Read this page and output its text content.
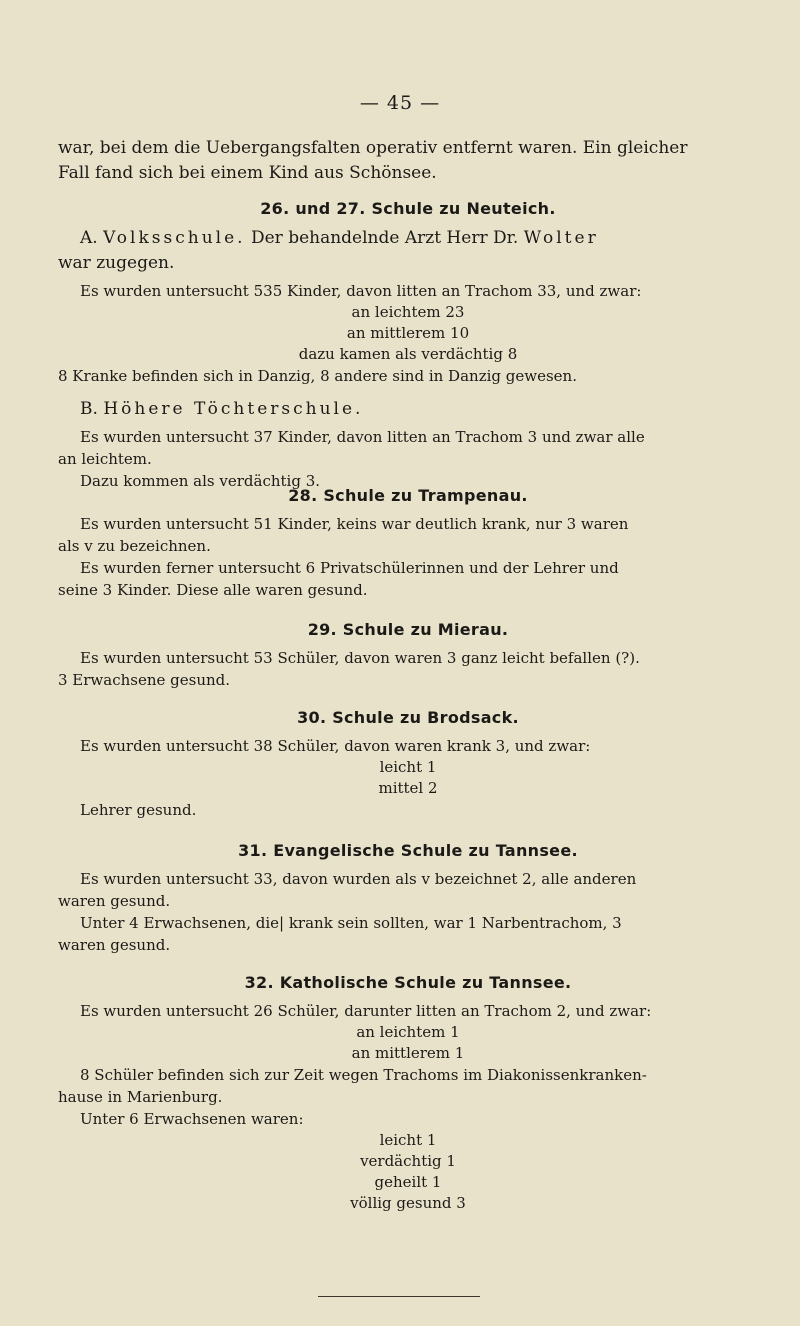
— 45 —

war, bei dem die Uebergangsfalten operativ entfernt waren. Ein gleicher

Fall fand sich bei einem Kind aus Schönsee.

26. und 27. Schule zu Neuteich.

A. Volksschule. Der behandelnde Arzt Herr Dr. Wolter

war zugegen.

Es wurden untersucht 535 Kinder, davon litten an Trachom 33, und zwar:

an leichtem 23
an mittlerem 10
dazu kamen als verdächtig 8

8 Kranke befinden sich in Danzig, 8 andere sind in Danzig gewesen.

B. Höhere Töchterschule.

Es wurden untersucht 37 Kinder, davon litten an Trachom 3 und zwar alle

an leichtem.

Dazu kommen als verdächtig 3.

28. Schule zu Trampenau.

Es wurden untersucht 51 Kinder, keins war deutlich krank, nur 3 waren

als v zu bezeichnen.

Es wurden ferner untersucht 6 Privatschülerinnen und der Lehrer und

seine 3 Kinder. Diese alle waren gesund.

29. Schule zu Mierau.

Es wurden untersucht 53 Schüler, davon waren 3 ganz leicht befallen (?).

3 Erwachsene gesund.

30. Schule zu Brodsack.

Es wurden untersucht 38 Schüler, davon waren krank 3, und zwar:

leicht 1
mittel 2

Lehrer gesund.

31. Evangelische Schule zu Tannsee.

Es wurden untersucht 33, davon wurden als v bezeichnet 2, alle anderen

waren gesund.

Unter 4 Erwachsenen, die| krank sein sollten, war 1 Narbentrachom, 3

waren gesund.

32. Katholische Schule zu Tannsee.

Es wurden untersucht 26 Schüler, darunter litten an Trachom 2, und zwar:

an leichtem 1
an mittlerem 1

8 Schüler befinden sich zur Zeit wegen Trachoms im Diakonissenkranken-

hause in Marienburg.

Unter 6 Erwachsenen waren:

leicht 1
verdächtig 1
geheilt 1
völlig gesund 3
